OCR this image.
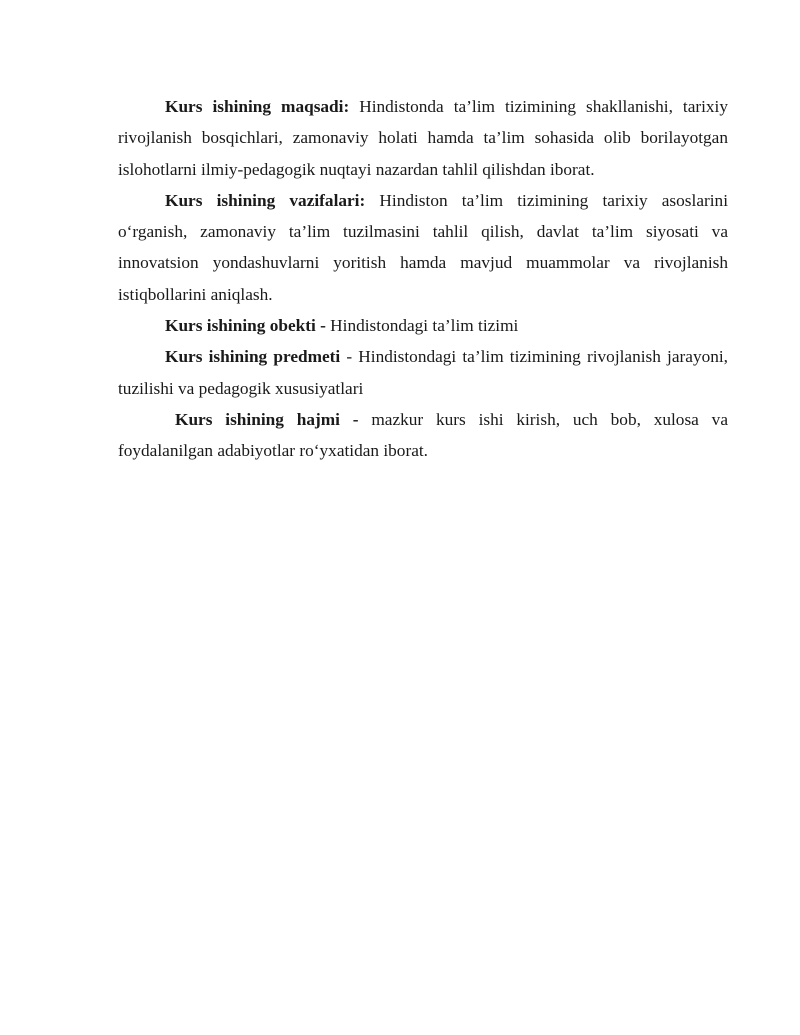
Kurs ishining maqsadi: Hindistonda ta’lim tizimining shakllanishi, tarixiy rivojlanish bosqichlari, zamonaviy holati hamda ta’lim sohasida olib borilayotgan islohotlarni ilmiy-pedagogik nuqtayi nazardan tahlil qilishdan iborat.

Kurs ishining vazifalari: Hindiston ta’lim tizimining tarixiy asoslarini o‘rganish, zamonaviy ta’lim tuzilmasini tahlil qilish, davlat ta’lim siyosati va innovatsion yondashuvlarni yoritish hamda mavjud muammolar va rivojlanish istiqbollarini aniqlash.

Kurs ishining obekti - Hindistondagi ta’lim tizimi

Kurs ishining predmeti - Hindistondagi ta’lim tizimining rivojlanish jarayoni, tuzilishi va pedagogik xususiyatlari

Kurs ishining hajmi - mazkur kurs ishi kirish, uch bob, xulosa va foydalanilgan adabiyotlar ro‘yxatidan iborat.
